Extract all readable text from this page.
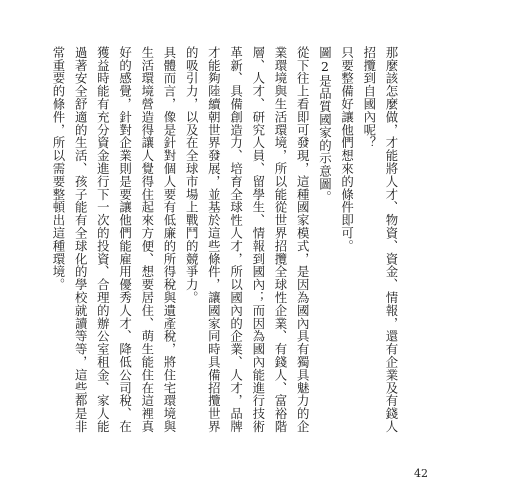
那麼該怎麼做，才能將人才、物資、資金、情報，還有企業及有錢人招攬到自國內呢？

只要整備好讓他們想來的條件即可。

圖2是品質國家的示意圖。

從下往上看即可發現，這種國家模式，是因為國內具有獨具魅力的企業環境與生活環境，所以能從世界招攬全球性企業、有錢人、富裕階層、人才、研究人員、留學生、情報到國內；而因為國內能進行技術革新、具備創造力、培育全球性人才，所以國內的企業、人才，品牌才能夠陸續朝世界發展，並基於這些條件，讓國家同時具備招攬世界的吸引力，以及在全球市場上戰鬥的競爭力。

具體而言，像是針對個人要有低廉的所得稅與遺產稅，將住宅環境與生活環境營造得讓人覺得住起來方便、想要居住、萌生能住在這裡真好的感覺，針對企業則是要讓他們能雇用優秀人才、降低公司稅、在獲益時能有充分資金進行下一次的投資、合理的辦公室租金、家人能過著安全舒適的生活、孩子能有全球化的學校就讀等等，這些都是非常重要的條件，所以需要整頓出這種環境。

42
